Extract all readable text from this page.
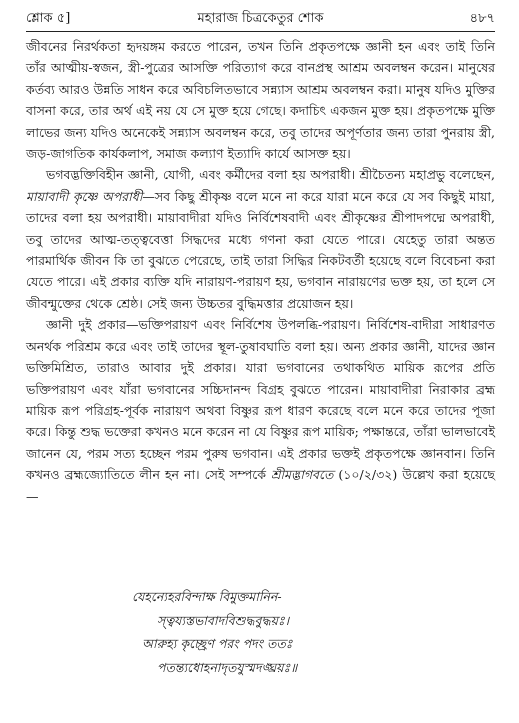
শ্লোক ৫]	মহারাজ চিত্রকেতুর শোক	৪৮৭

জীবনের নিরর্থকতা হৃদয়ঙ্গম করতে পারেন, তখন তিনি প্রকৃতপক্ষে জ্ঞানী হন এবং তাই তিনি তাঁর আত্মীয়-স্বজন, স্ত্রী-পুত্রের আসক্তি পরিত্যাগ করে বানপ্রস্থ আশ্রম অবলম্বন করেন। মানুষের কর্তব্য আরও উন্নতি সাধন করে অবিচলিতভাবে সন্ন্যাস আশ্রম অবলম্বন করা। মানুষ যদিও মুক্তির বাসনা করে, তার অর্থ এই নয় যে সে মুক্ত হয়ে গেছে। কদাচিৎ একজন মুক্ত হয়। প্রকৃতপক্ষে মুক্তি লাভের জন্য যদিও অনেকেই সন্ন্যাস অবলম্বন করে, তবু তাদের অপূর্ণতার জন্য তারা পুনরায় স্ত্রী, জড়-জাগতিক কার্যকলাপ, সমাজ কল্যাণ ইত্যাদি কার্যে আসক্ত হয়।

ভগবদ্ভক্তিবিহীন জ্ঞানী, যোগী, এবং কর্মীদের বলা হয় অপরাধী। শ্রীচৈতন্য মহাপ্রভু বলেছেন, মায়াবাদী কৃষ্ণে অপরাধী—সব কিছু শ্রীকৃষ্ণ বলে মনে না করে যারা মনে করে যে সব কিছুই মায়া, তাদের বলা হয় অপরাধী। মায়াবাদীরা যদিও নির্বিশেষবাদী এবং শ্রীকৃষ্ণের শ্রীপাদপদ্মে অপরাধী, তবু তাদের আত্ম-তত্ত্ববেত্তা সিদ্ধদের মধ্যে গণনা করা যেতে পারে। যেহেতু তারা অন্তত পারমার্থিক জীবন কি তা বুঝতে পেরেছে, তাই তারা সিদ্ধির নিকটবর্তী হয়েছে বলে বিবেচনা করা যেতে পারে। এই প্রকার ব্যক্তি যদি নারায়ণ-পরায়ণ হয়, ভগবান নারায়ণের ভক্ত হয়, তা হলে সে জীবন্মুক্তের থেকে শ্রেষ্ঠ। সেই জন্য উচ্চতর বুদ্ধিমত্তার প্রয়োজন হয়।

জ্ঞানী দুই প্রকার—ভক্তিপরায়ণ এবং নির্বিশেষ উপলব্ধি-পরায়ণ। নির্বিশেষ-বাদীরা সাধারণত অনর্থক পরিশ্রম করে এবং তাই তাদের স্থূল-তুষাবঘাতি বলা হয়। অন্য প্রকার জ্ঞানী, যাদের জ্ঞান ভক্তিমিশ্রিত, তারাও আবার দুই প্রকার। যারা ভগবানের তথাকথিত মায়িক রূপের প্রতি ভক্তিপরায়ণ এবং যাঁরা ভগবানের সচ্চিদানন্দ বিগ্রহ বুঝতে পারেন। মায়াবাদীরা নিরাকার ব্রহ্ম মায়িক রূপ পরিগ্রহ-পূর্বক নারায়ণ অথবা বিষ্ণুর রূপ ধারণ করেছে বলে মনে করে তাদের পূজা করে। কিন্তু শুদ্ধ ভক্তেরা কখনও মনে করেন না যে বিষ্ণুর রূপ মায়িক; পক্ষান্তরে, তাঁরা ভালভাবেই জানেন যে, পরম সত্য হচ্ছেন পরম পুরুষ ভগবান। এই প্রকার ভক্তই প্রকৃতপক্ষে জ্ঞানবান। তিনি কখনও ব্রহ্মজ্যোতিতে লীন হন না। সেই সম্পর্কে শ্রীমদ্ভাগবতে (১০/২/৩২) উল্লেখ করা হয়েছে—

যেহন্যেহরবিন্দাক্ষ বিমুক্তমানিন-
স্ত্বয্যস্তভাবাদবিশুদ্ধবুদ্ধয়ঃ।
আরুহ্য কৃচ্ছ্রেণ পরং পদং ততঃ
পতন্ত্যধোহনাদৃতযুস্মদঙ্ঘ্রয়ঃ॥
